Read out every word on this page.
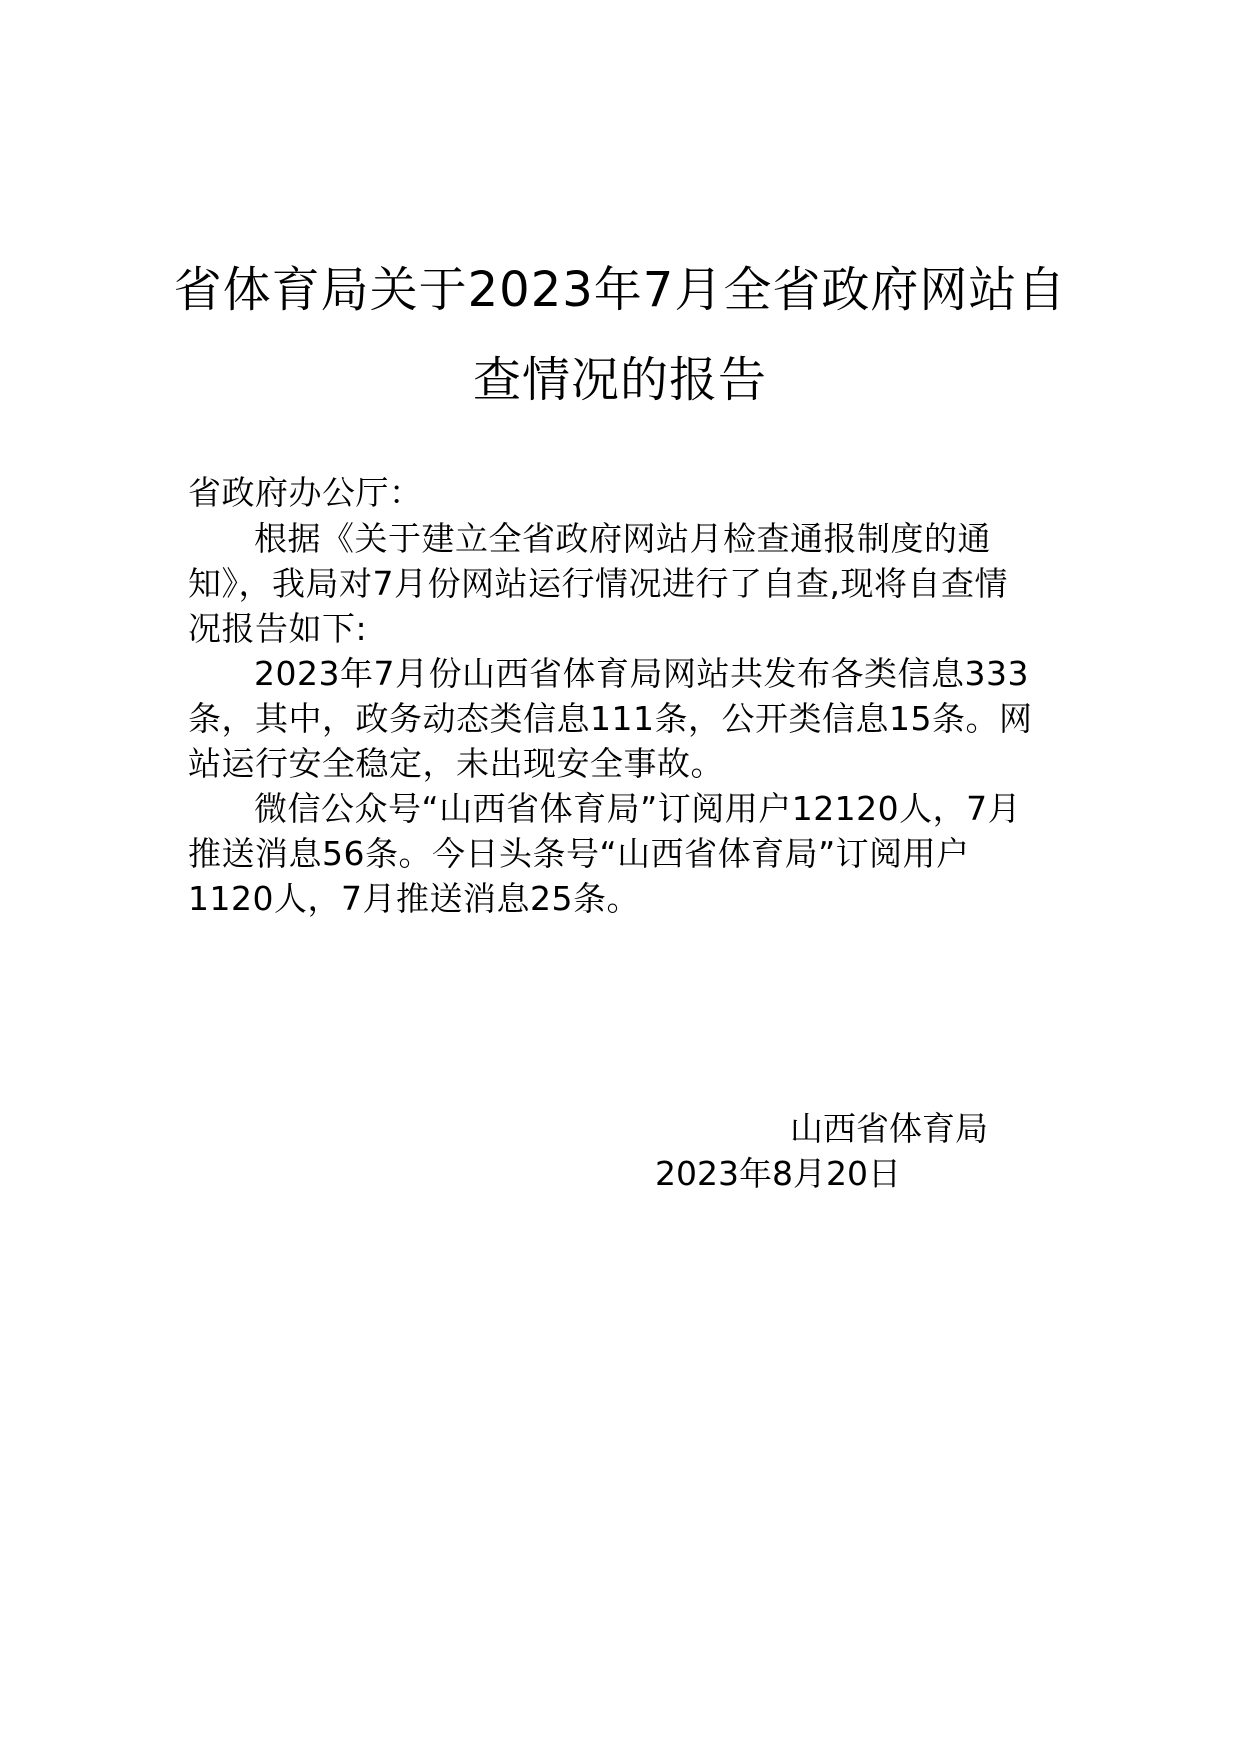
省体育局关于2023年7月全省政府网站自
查情况的报告
省政府办公厅：
根据《关于建立全省政府网站月检查通报制度的通
知》，我局对7月份网站运行情况进行了自查,现将自查情
况报告如下:
2023年7月份山西省体育局网站共发布各类信息333
条，其中，政务动态类信息111条，公开类信息15条。网
站运行安全稳定，未出现安全事故。
微信公众号“山西省体育局”订阅用户12120人，7月
推送消息56条。今日头条号“山西省体育局”订阅用户
1120人，7月推送消息25条。
山西省体育局
2023年8月20日
